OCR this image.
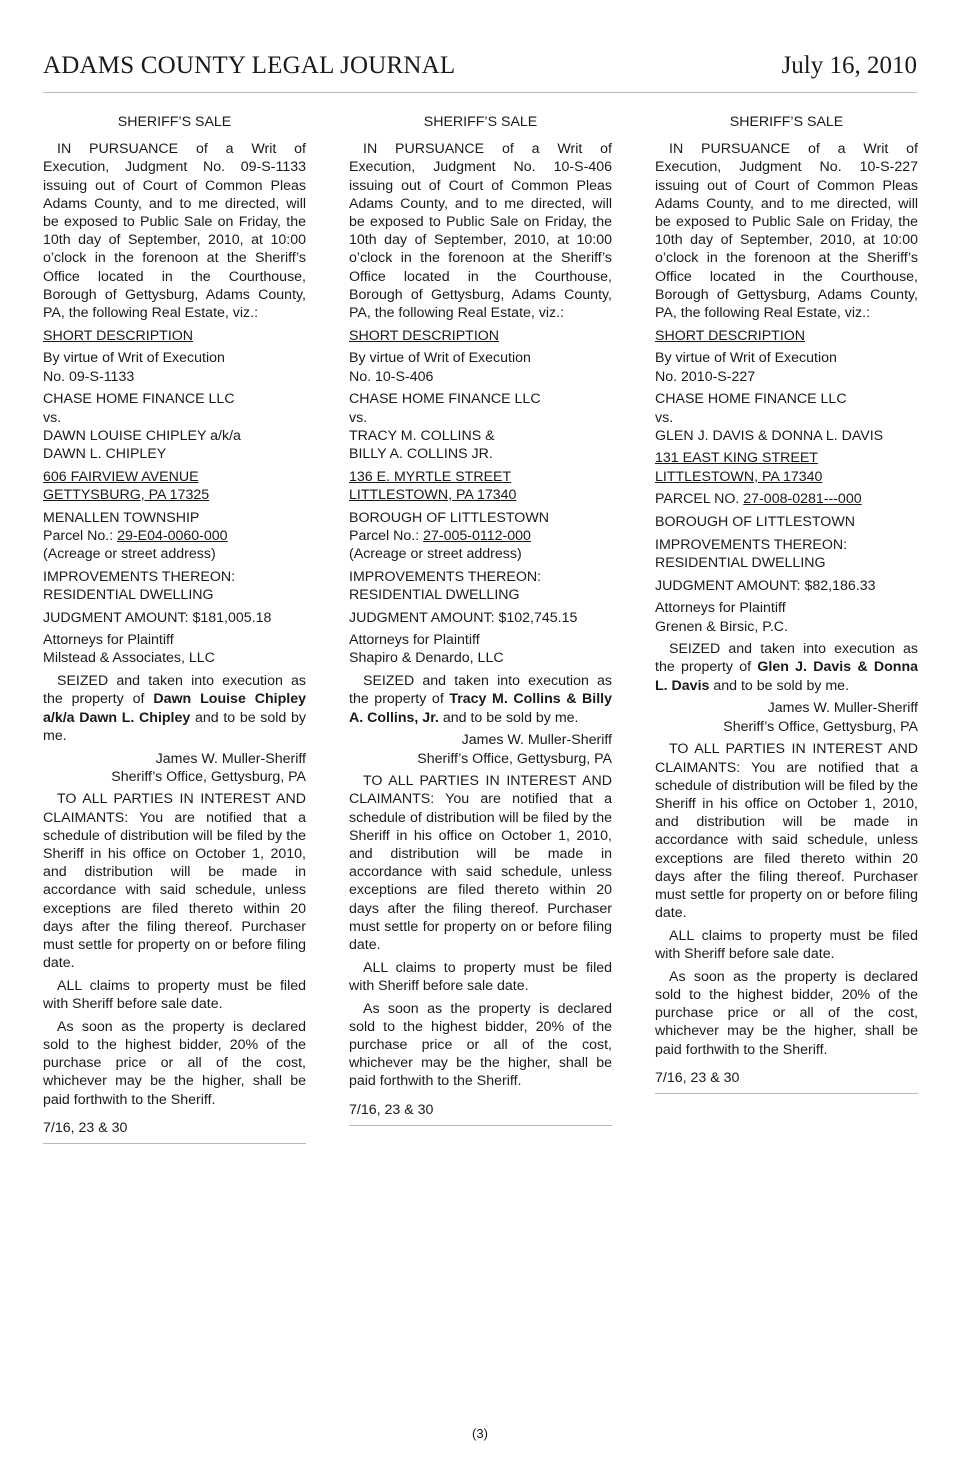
ADAMS COUNTY LEGAL JOURNAL	July 16, 2010

SHERIFF’S SALE

IN PURSUANCE of a Writ of Execution, Judgment No. 09-S-1133 issuing out of Court of Common Pleas Adams County, and to me directed, will be exposed to Public Sale on Friday, the 10th day of September, 2010, at 10:00 o’clock in the forenoon at the Sheriff’s Office located in the Courthouse, Borough of Gettysburg, Adams County, PA, the following Real Estate, viz.:

SHORT DESCRIPTION

By virtue of Writ of Execution
No. 09-S-1133

CHASE HOME FINANCE LLC
vs.
DAWN LOUISE CHIPLEY a/k/a
DAWN L. CHIPLEY

606 FAIRVIEW AVENUE
GETTYSBURG, PA 17325

MENALLEN TOWNSHIP
Parcel No.: 29-E04-0060-000
(Acreage or street address)

IMPROVEMENTS THEREON:
RESIDENTIAL DWELLING

JUDGMENT AMOUNT: $181,005.18

Attorneys for Plaintiff
Milstead & Associates, LLC

SEIZED and taken into execution as the property of Dawn Louise Chipley a/k/a Dawn L. Chipley and to be sold by me.

James W. Muller-Sheriff
Sheriff’s Office, Gettysburg, PA

TO ALL PARTIES IN INTEREST AND CLAIMANTS: You are notified that a schedule of distribution will be filed by the Sheriff in his office on October 1, 2010, and distribution will be made in accordance with said schedule, unless exceptions are filed thereto within 20 days after the filing thereof. Purchaser must settle for property on or before filing date.

ALL claims to property must be filed with Sheriff before sale date.

As soon as the property is declared sold to the highest bidder, 20% of the purchase price or all of the cost, whichever may be the higher, shall be paid forthwith to the Sheriff.

7/16, 23 & 30

SHERIFF’S SALE

IN PURSUANCE of a Writ of Execution, Judgment No. 10-S-406 issuing out of Court of Common Pleas Adams County, and to me directed, will be exposed to Public Sale on Friday, the 10th day of September, 2010, at 10:00 o’clock in the forenoon at the Sheriff’s Office located in the Courthouse, Borough of Gettysburg, Adams County, PA, the following Real Estate, viz.:

SHORT DESCRIPTION

By virtue of Writ of Execution
No. 10-S-406

CHASE HOME FINANCE LLC
vs.
TRACY M. COLLINS &
BILLY A. COLLINS JR.

136 E. MYRTLE STREET
LITTLESTOWN, PA 17340

BOROUGH OF LITTLESTOWN
Parcel No.: 27-005-0112-000
(Acreage or street address)

IMPROVEMENTS THEREON:
RESIDENTIAL DWELLING

JUDGMENT AMOUNT: $102,745.15

Attorneys for Plaintiff
Shapiro & Denardo, LLC

SEIZED and taken into execution as the property of Tracy M. Collins & Billy A. Collins, Jr. and to be sold by me.

James W. Muller-Sheriff
Sheriff’s Office, Gettysburg, PA

TO ALL PARTIES IN INTEREST AND CLAIMANTS: You are notified that a schedule of distribution will be filed by the Sheriff in his office on October 1, 2010, and distribution will be made in accordance with said schedule, unless exceptions are filed thereto within 20 days after the filing thereof. Purchaser must settle for property on or before filing date.

ALL claims to property must be filed with Sheriff before sale date.

As soon as the property is declared sold to the highest bidder, 20% of the purchase price or all of the cost, whichever may be the higher, shall be paid forthwith to the Sheriff.

7/16, 23 & 30

SHERIFF’S SALE

IN PURSUANCE of a Writ of Execution, Judgment No. 10-S-227 issuing out of Court of Common Pleas Adams County, and to me directed, will be exposed to Public Sale on Friday, the 10th day of September, 2010, at 10:00 o’clock in the forenoon at the Sheriff’s Office located in the Courthouse, Borough of Gettysburg, Adams County, PA, the following Real Estate, viz.:

SHORT DESCRIPTION

By virtue of Writ of Execution
No. 2010-S-227

CHASE HOME FINANCE LLC
vs.
GLEN J. DAVIS & DONNA L. DAVIS

131 EAST KING STREET
LITTLESTOWN, PA 17340

PARCEL NO. 27-008-0281---000

BOROUGH OF LITTLESTOWN

IMPROVEMENTS THEREON:
RESIDENTIAL DWELLING

JUDGMENT AMOUNT: $82,186.33

Attorneys for Plaintiff
Grenen & Birsic, P.C.

SEIZED and taken into execution as the property of Glen J. Davis & Donna L. Davis and to be sold by me.

James W. Muller-Sheriff
Sheriff’s Office, Gettysburg, PA

TO ALL PARTIES IN INTEREST AND CLAIMANTS: You are notified that a schedule of distribution will be filed by the Sheriff in his office on October 1, 2010, and distribution will be made in accordance with said schedule, unless exceptions are filed thereto within 20 days after the filing thereof. Purchaser must settle for property on or before filing date.

ALL claims to property must be filed with Sheriff before sale date.

As soon as the property is declared sold to the highest bidder, 20% of the purchase price or all of the cost, whichever may be the higher, shall be paid forthwith to the Sheriff.

7/16, 23 & 30

(3)
